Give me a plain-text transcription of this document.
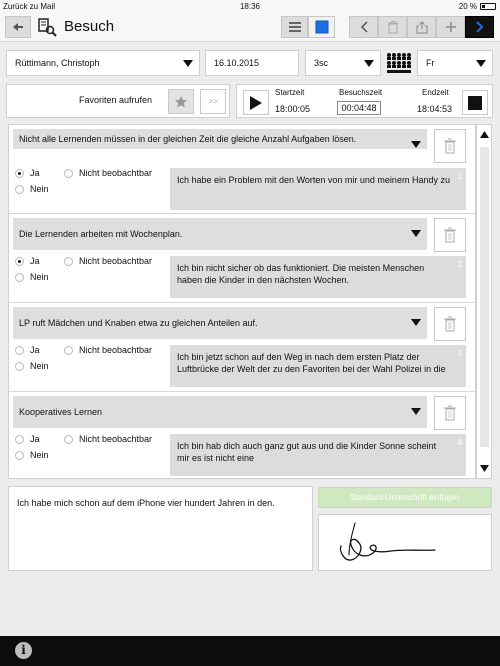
Zurück zu Mail	18:36	20 %
Besuch
Rüttimann, Christoph	16.10.2015	3sc	Fr
Favoriten aufrufen	>>
Startzeit
18:00:05
Besuchszeit
00:04:48
Endzeit
18:04:53
Nicht alle Lernenden müssen in der gleichen Zeit die gleiche Anzahl Aufgaben lösen.
Ja	Nicht beobachtbar
Nein
Ich habe ein Problem mit den Worten von mir und meinem Handy zu 1
Die Lernenden arbeiten mit Wochenplan.
Ja	Nicht beobachtbar
Nein
Ich bin nicht sicher ob das funktioniert. Die meisten Menschen haben die Kinder in den nächsten Wochen.
2
LP ruft Mädchen und Knaben etwa zu gleichen Anteilen auf.
Ja	Nicht beobachtbar
Nein
Ich bin jetzt schon auf den Weg in nach dem ersten Platz der Luftbrücke der Welt der zu den Favoriten bei der Wahl Polizei in die
3
Kooperatives Lernen
Ja	Nicht beobachtbar
Nein
Ich bin hab dich auch ganz gut aus und die Kinder Sonne scheint mir es ist nicht eine
4
Ich habe mich schon auf dem iPhone vier hundert Jahren in den.
Standard-Unterschrift einfügen
i
